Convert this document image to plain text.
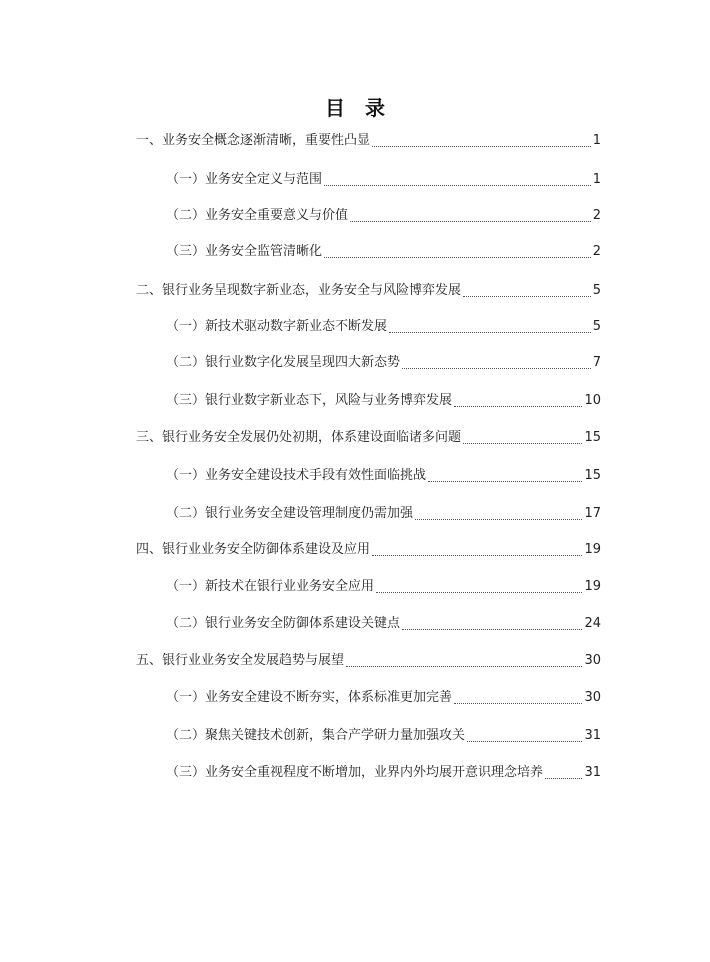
目 录
一、业务安全概念逐渐清晰，重要性凸显	1
（一）业务安全定义与范围	1
（二）业务安全重要意义与价值	2
（三）业务安全监管清晰化	2
二、银行业务呈现数字新业态，业务安全与风险博弈发展	5
（一）新技术驱动数字新业态不断发展	5
（二）银行业数字化发展呈现四大新态势	7
（三）银行业数字新业态下，风险与业务博弈发展	10
三、银行业务安全发展仍处初期，体系建设面临诸多问题	15
（一）业务安全建设技术手段有效性面临挑战	15
（二）银行业务安全建设管理制度仍需加强	17
四、银行业业务安全防御体系建设及应用	19
（一）新技术在银行业业务安全应用	19
（二）银行业务安全防御体系建设关键点	24
五、银行业业务安全发展趋势与展望	30
（一）业务安全建设不断夯实，体系标准更加完善	30
（二）聚焦关键技术创新，集合产学研力量加强攻关	31
（三）业务安全重视程度不断增加，业界内外均展开意识理念培养	31
